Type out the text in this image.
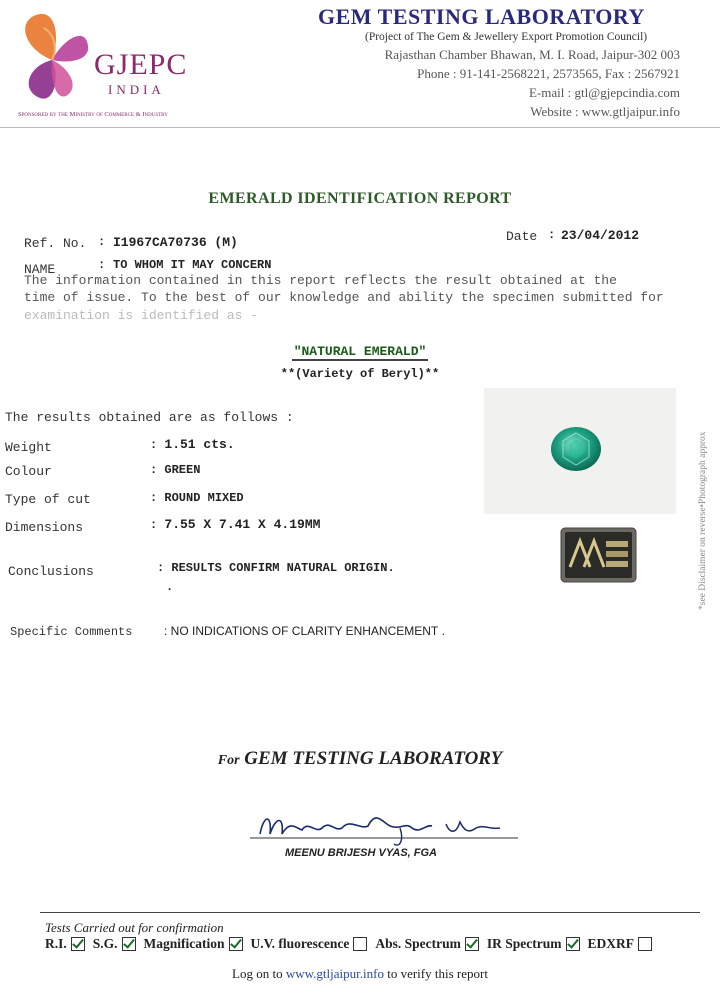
GJEPC
INDIA
Sponsored by the Ministry of Commerce & Industry
GEM TESTING LABORATORY
(Project of The Gem & Jewellery Export Promotion Council)
Rajasthan Chamber Bhawan, M. I. Road, Jaipur-302 003
Phone : 91-141-2568221, 2573565, Fax : 2567921
E-mail : gtl@gjepcindia.com
Website : www.gtljaipur.info
EMERALD IDENTIFICATION REPORT
Ref. No. : I1967CA70736 (M)	Date : 23/04/2012
NAME	: TO WHOM IT MAY CONCERN
The information contained in this report reflects the result obtained at the
time of issue. To the best of our knowledge and ability the specimen submitted for
examination is identified as -
"NATURAL EMERALD"
**(Variety of Beryl)**
The results obtained are as follows :
Weight	: 1.51 cts.
Colour	: GREEN
Type of cut	: ROUND MIXED
Dimensions	: 7.55 X 7.41 X 4.19MM
Conclusions	: RESULTS CONFIRM NATURAL ORIGIN.
.
Specific Comments	: NO INDICATIONS OF CLARITY ENHANCEMENT .
*see Disclaimer on reverse•Photograph approx
For GEM TESTING LABORATORY
MEENU BRIJESH VYAS, FGA
Tests Carried out for confirmation
R.I. S.G. Magnification U.V. fluorescence Abs. Spectrum IR Spectrum EDXRF
Log on to www.gtljaipur.info to verify this report
